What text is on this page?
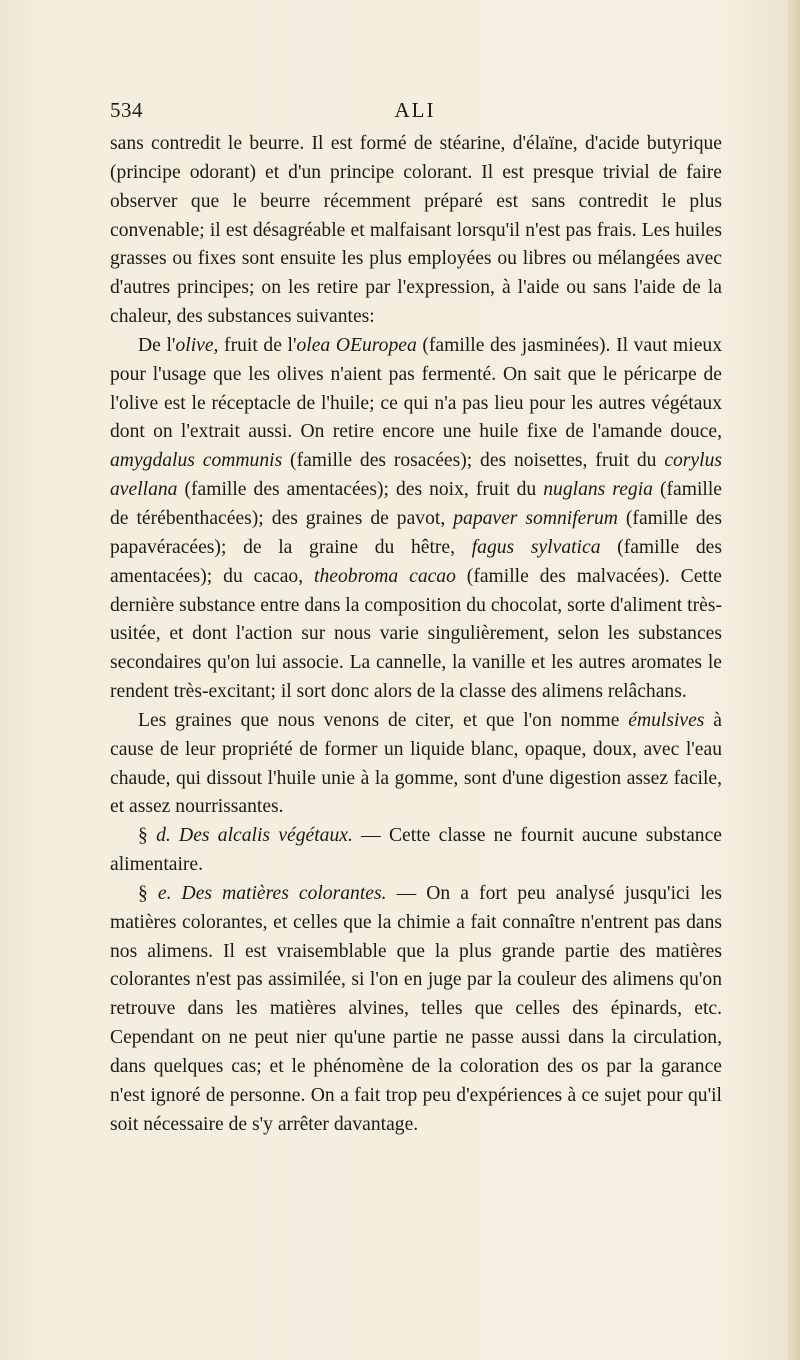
534	ALI

sans contredit le beurre. Il est formé de stéarine, d'élaïne, d'acide butyrique (principe odorant) et d'un principe colorant. Il est presque trivial de faire observer que le beurre récemment préparé est sans contredit le plus convenable; il est désagréable et malfaisant lorsqu'il n'est pas frais. Les huiles grasses ou fixes sont ensuite les plus employées ou libres ou mélangées avec d'autres principes; on les retire par l'expression, à l'aide ou sans l'aide de la chaleur, des substances suivantes:

De l'olive, fruit de l'olea OEuropea (famille des jasminées). Il vaut mieux pour l'usage que les olives n'aient pas fermenté. On sait que le péricarpe de l'olive est le réceptacle de l'huile; ce qui n'a pas lieu pour les autres végétaux dont on l'extrait aussi. On retire encore une huile fixe de l'amande douce, amygdalus communis (famille des rosacées); des noisettes, fruit du corylus avellana (famille des amentacées); des noix, fruit du nuglans regia (famille de térébenthacées); des graines de pavot, papaver somniferum (famille des papavéracées); de la graine du hêtre, fagus sylvatica (famille des amentacées); du cacao, theobroma cacao (famille des malvacées). Cette dernière substance entre dans la composition du chocolat, sorte d'aliment très-usitée, et dont l'action sur nous varie singulièrement, selon les substances secondaires qu'on lui associe. La cannelle, la vanille et les autres aromates le rendent très-excitant; il sort donc alors de la classe des alimens relâchans.

Les graines que nous venons de citer, et que l'on nomme émulsives à cause de leur propriété de former un liquide blanc, opaque, doux, avec l'eau chaude, qui dissout l'huile unie à la gomme, sont d'une digestion assez facile, et assez nourrissantes.

§ d. Des alcalis végétaux. — Cette classe ne fournit aucune substance alimentaire.

§ e. Des matières colorantes. — On a fort peu analysé jusqu'ici les matières colorantes, et celles que la chimie a fait connaître n'entrent pas dans nos alimens. Il est vraisemblable que la plus grande partie des matières colorantes n'est pas assimilée, si l'on en juge par la couleur des alimens qu'on retrouve dans les matières alvines, telles que celles des épinards, etc. Cependant on ne peut nier qu'une partie ne passe aussi dans la circulation, dans quelques cas; et le phénomène de la coloration des os par la garance n'est ignoré de personne. On a fait trop peu d'expériences à ce sujet pour qu'il soit nécessaire de s'y arrêter davantage.
